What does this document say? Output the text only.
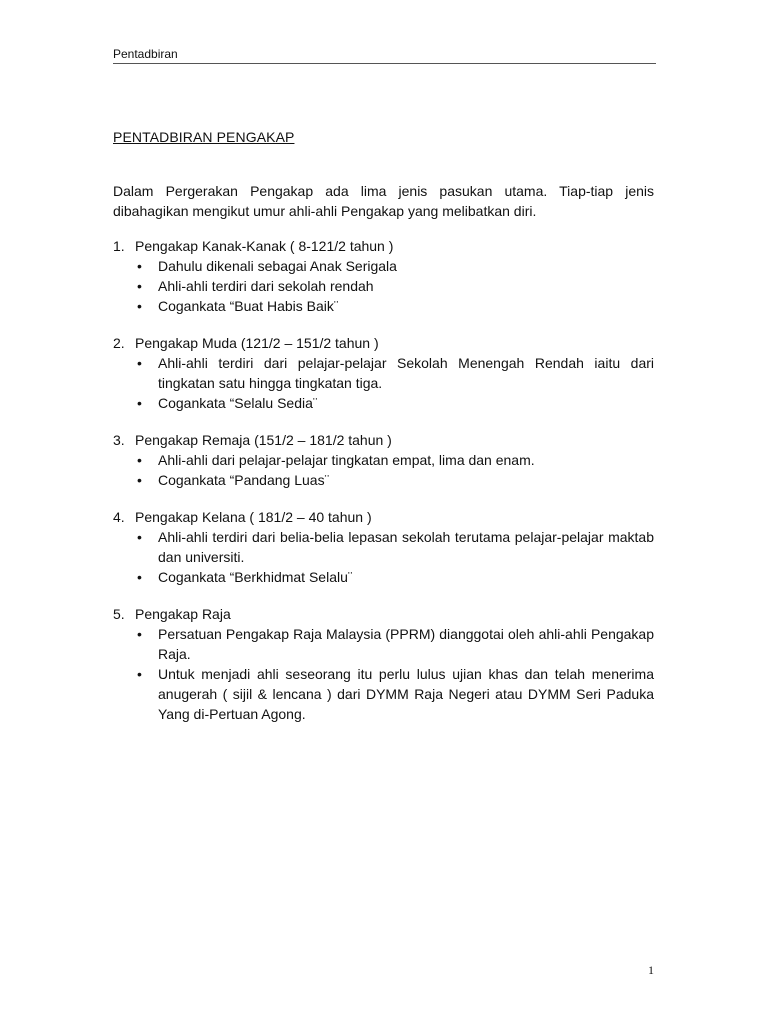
Pentadbiran
PENTADBIRAN PENGAKAP
Dalam Pergerakan Pengakap ada lima jenis pasukan utama. Tiap-tiap jenis dibahagikan mengikut umur ahli-ahli Pengakap yang melibatkan diri.
1. Pengakap Kanak-Kanak ( 8-121/2 tahun )
• Dahulu dikenali sebagai Anak Serigala
• Ahli-ahli terdiri dari sekolah rendah
• Cogankata “Buat Habis Baik¨
2. Pengakap Muda (121/2 – 151/2 tahun )
• Ahli-ahli terdiri dari pelajar-pelajar Sekolah Menengah Rendah iaitu dari tingkatan satu hingga tingkatan tiga.
• Cogankata “Selalu Sedia¨
3. Pengakap Remaja (151/2 – 181/2 tahun )
• Ahli-ahli dari pelajar-pelajar tingkatan empat, lima dan enam.
• Cogankata “Pandang Luas¨
4. Pengakap Kelana ( 181/2 – 40 tahun )
• Ahli-ahli terdiri dari belia-belia lepasan sekolah terutama pelajar-pelajar maktab dan universiti.
• Cogankata “Berkhidmat Selalu¨
5. Pengakap Raja
• Persatuan Pengakap Raja Malaysia (PPRM) dianggotai oleh ahli-ahli Pengakap Raja.
• Untuk menjadi ahli seseorang itu perlu lulus ujian khas dan telah menerima anugerah ( sijil & lencana ) dari DYMM Raja Negeri atau DYMM Seri Paduka Yang di-Pertuan Agong.
1
